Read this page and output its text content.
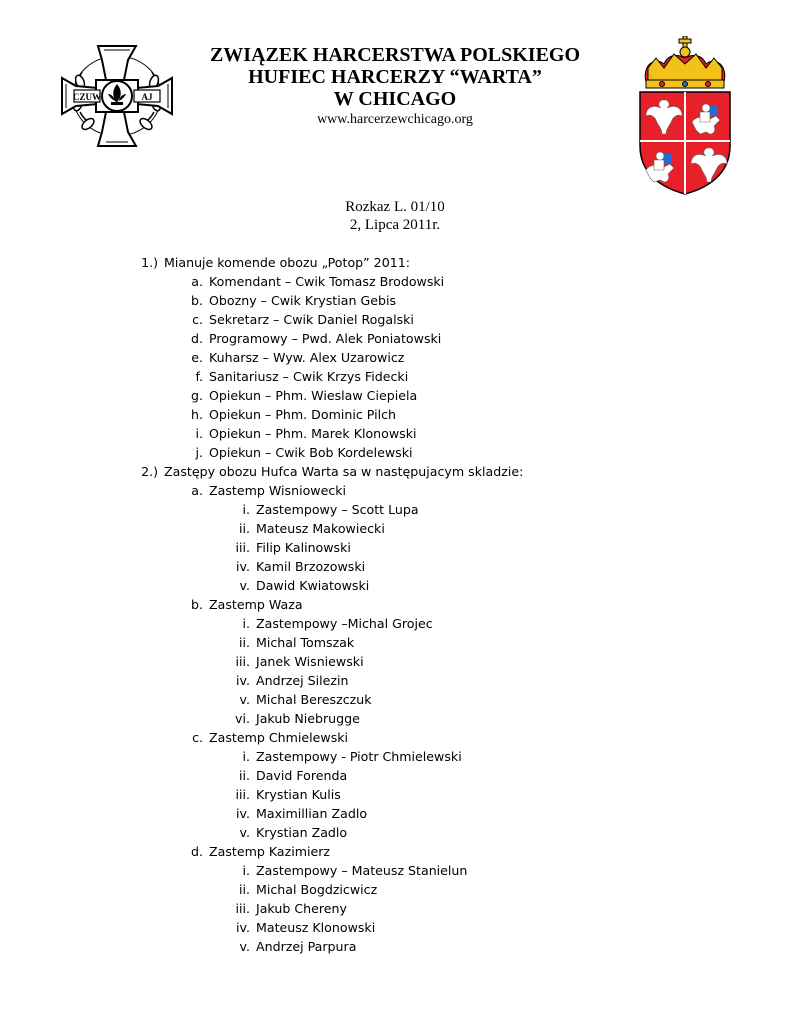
CZUW	AJ
ZWIĄZEK HARCERSTWA POLSKIEGO
HUFIEC HARCERZY “WARTA”
W CHICAGO
www.harcerzewchicago.org
Rozkaz L. 01/10
2, Lipca 2011r.
1.) Mianuje komende obozu „Potop” 2011:
a. Komendant – Cwik Tomasz Brodowski
b. Obozny – Cwik Krystian Gebis
c. Sekretarz – Cwik Daniel Rogalski
d. Programowy – Pwd. Alek Poniatowski
e. Kuharsz – Wyw. Alex Uzarowicz
f. Sanitariusz – Cwik Krzys Fidecki
g. Opiekun – Phm. Wieslaw Ciepiela
h. Opiekun – Phm. Dominic Pilch
i. Opiekun – Phm. Marek Klonowski
j. Opiekun – Cwik Bob Kordelewski
2.) Zastępy obozu Hufca Warta sa w następujacym skladzie:
a. Zastemp Wisniowecki
i. Zastempowy – Scott Lupa
ii. Mateusz Makowiecki
iii. Filip Kalinowski
iv. Kamil Brzozowski
v. Dawid Kwiatowski
b. Zastemp Waza
i. Zastempowy –Michal Grojec
ii. Michal Tomszak
iii. Janek Wisniewski
iv. Andrzej Silezin
v. Michal Bereszczuk
vi. Jakub Niebrugge
c. Zastemp Chmielewski
i. Zastempowy - Piotr Chmielewski
ii. David Forenda
iii. Krystian Kulis
iv. Maximillian Zadlo
v. Krystian Zadlo
d. Zastemp Kazimierz
i. Zastempowy – Mateusz Stanielun
ii. Michal Bogdzicwicz
iii. Jakub Chereny
iv. Mateusz Klonowski
v. Andrzej Parpura
